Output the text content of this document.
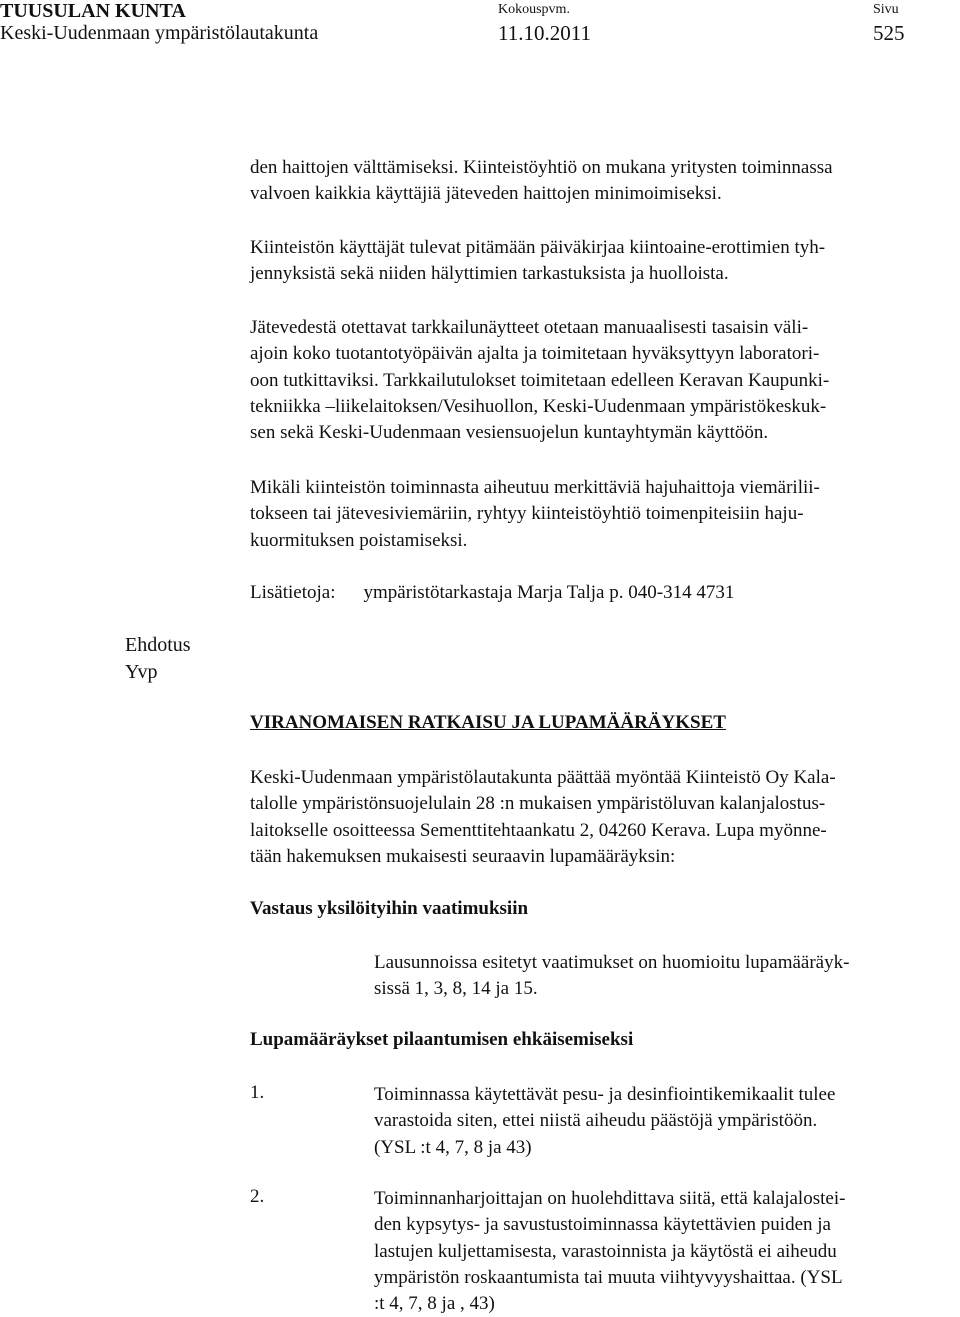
TUUSULAN KUNTA
Keski-Uudenmaan ympäristölautakunta
Kokouspvm.
11.10.2011
Sivu
525
den haittojen välttämiseksi. Kiinteistöyhtiö on mukana yritysten toiminnassa
valvoen kaikkia käyttäjiä jäteveden haittojen minimoimiseksi.
Kiinteistön käyttäjät tulevat pitämään päiväkirjaa kiintoaine-erottimien tyh-
jennyksistä sekä niiden hälyttimien tarkastuksista ja huolloista.
Jätevedestä otettavat tarkkailunäytteet otetaan manuaalisesti tasaisin väli-
ajoin koko tuotantotyöpäivän ajalta ja toimitetaan hyväksyttyyn laboratori-
oon tutkittaviksi. Tarkkailutulokset toimitetaan edelleen Keravan Kaupunki-
tekniikka –liikelaitoksen/Vesihuollon, Keski-Uudenmaan ympäristökeskuk-
sen sekä Keski-Uudenmaan vesiensuojelun kuntayhtymän käyttöön.
Mikäli kiinteistön toiminnasta aiheutuu merkittäviä hajuhaittoja viemärilii-
tokseen tai jätevesiviemäriin, ryhtyy kiinteistöyhtiö toimenpiteisiin haju-
kuormituksen poistamiseksi.
Lisätietoja: ympäristötarkastaja Marja Talja p. 040-314 4731
Ehdotus
Yvp
VIRANOMAISEN RATKAISU JA LUPAMÄÄRÄYKSET
Keski-Uudenmaan ympäristölautakunta päättää myöntää Kiinteistö Oy Kala-
talolle ympäristönsuojelulain 28 :n mukaisen ympäristöluvan kalanjalostus-
laitokselle osoitteessa Sementtitehtaankatu 2, 04260 Kerava. Lupa myönne-
tään hakemuksen mukaisesti seuraavin lupamääräyksin:
Vastaus yksilöityihin vaatimuksiin
Lausunnoissa esitetyt vaatimukset on huomioitu lupamääräyk-
sissä 1, 3, 8, 14 ja 15.
Lupamääräykset pilaantumisen ehkäisemiseksi
1.	Toiminnassa käytettävät pesu- ja desinfiointikemikaalit tulee
varastoida siten, ettei niistä aiheudu päästöjä ympäristöön.
(YSL :t 4, 7, 8 ja 43)
2.	Toiminnanharjoittajan on huolehdittava siitä, että kalajalostei-
den kypsytys- ja savustustoiminnassa käytettävien puiden ja
lastujen kuljettamisesta, varastoinnista ja käytöstä ei aiheudu
ympäristön roskaantumista tai muuta viihtyvyyshaittaa. (YSL
:t 4, 7, 8 ja , 43)
